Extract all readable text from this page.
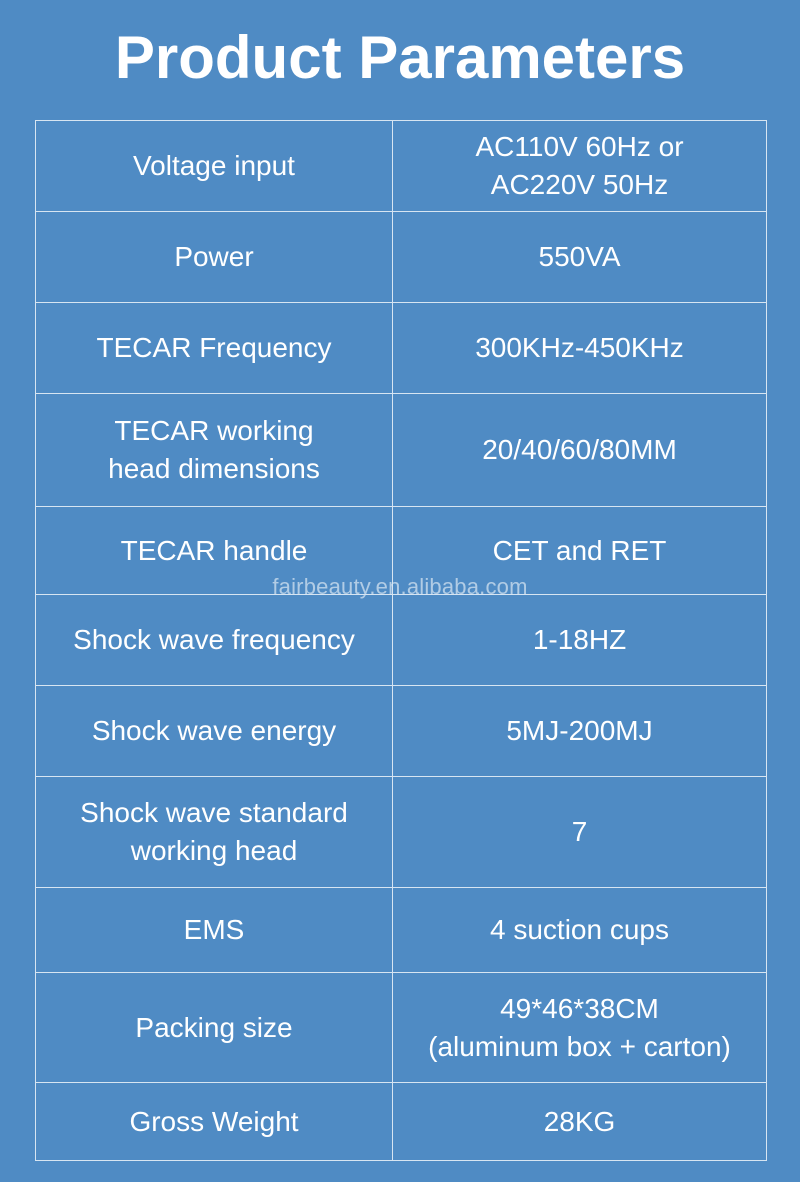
Product Parameters
Voltage input	AC110V 60Hz or
AC220V 50Hz
Power	550VA
TECAR Frequency	300KHz-450KHz
TECAR working
head dimensions	20/40/60/80MM
TECAR handle	CET and RET
Shock wave frequency	1-18HZ
Shock wave energy	5MJ-200MJ
Shock wave standard
working head	7
EMS	4 suction cups
Packing size	49*46*38CM
(aluminum box + carton)
Gross Weight	28KG
fairbeauty.en.alibaba.com
